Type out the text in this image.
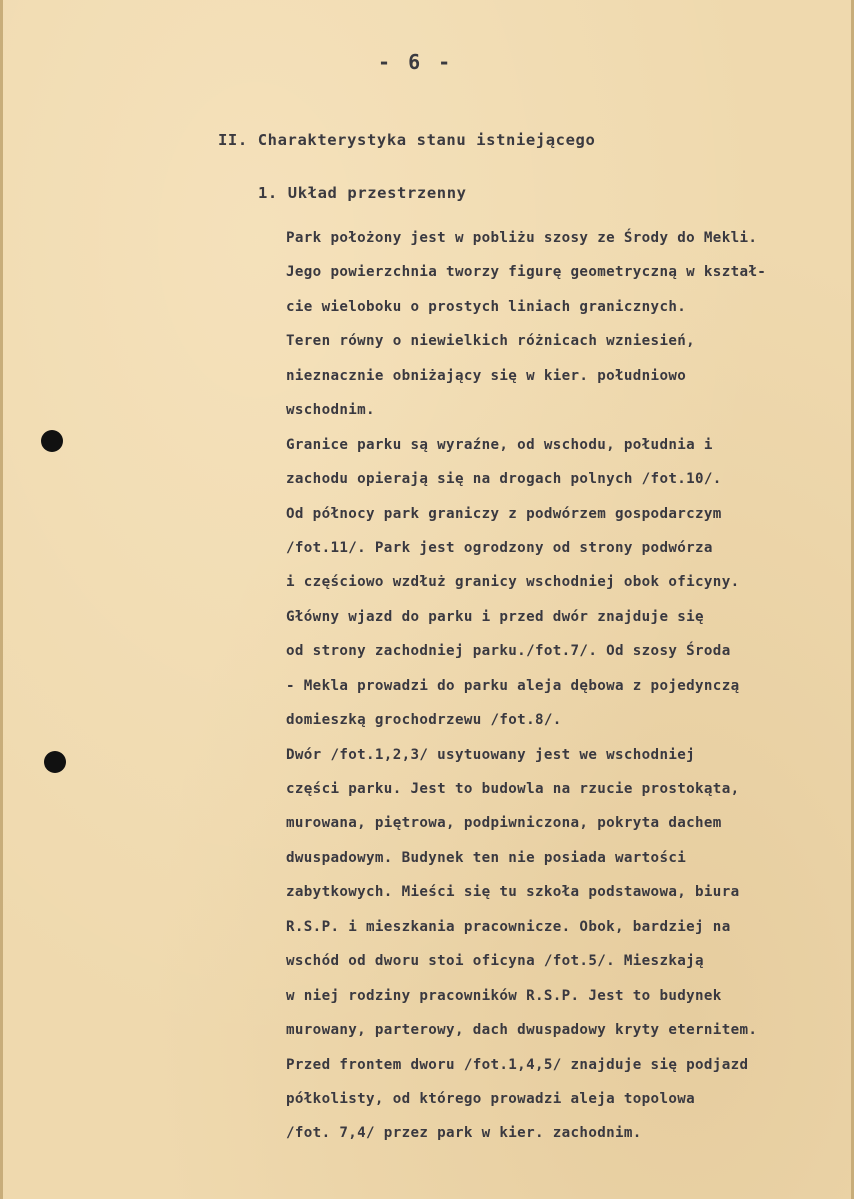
- 6 -
II. Charakterystyka stanu istniejącego
1. Układ przestrzenny
Park położony jest w pobliżu szosy ze Środy do Mekli.
Jego powierzchnia tworzy figurę geometryczną w kształ-
cie wieloboku o prostych liniach granicznych.
Teren równy o niewielkich różnicach wzniesień,
nieznacznie obniżający się w kier. południowo
wschodnim.
Granice parku są wyraźne, od wschodu, południa i
zachodu opierają się na drogach polnych /fot.10/.
Od północy park graniczy z podwórzem gospodarczym
/fot.11/. Park jest ogrodzony od strony podwórza
i częściowo wzdłuż granicy wschodniej obok oficyny.
Główny wjazd do parku i przed dwór znajduje się
od strony zachodniej parku./fot.7/. Od szosy Środa
- Mekla prowadzi do parku aleja dębowa z pojedynczą
domieszką grochodrzewu /fot.8/.
Dwór /fot.1,2,3/ usytuowany jest we wschodniej
części parku. Jest to budowla na rzucie prostokąta,
murowana, piętrowa, podpiwniczona, pokryta dachem
dwuspadowym. Budynek ten nie posiada wartości
zabytkowych. Mieści się tu szkoła podstawowa, biura
R.S.P. i mieszkania pracownicze. Obok, bardziej na
wschód od dworu stoi oficyna /fot.5/. Mieszkają
w niej rodziny pracowników R.S.P. Jest to budynek
murowany, parterowy, dach dwuspadowy kryty eternitem.
Przed frontem dworu /fot.1,4,5/ znajduje się podjazd
półkolisty, od którego prowadzi aleja topolowa
/fot. 7,4/ przez park w kier. zachodnim.
